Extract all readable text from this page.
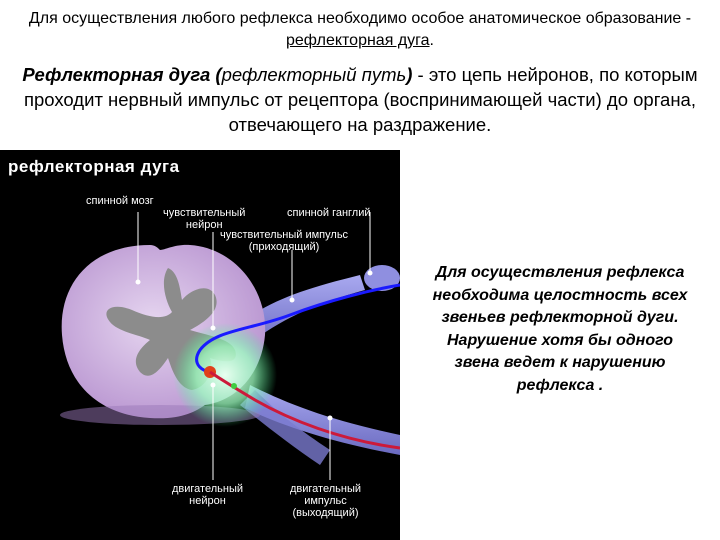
Для осуществления любого рефлекса необходимо особое анатомическое образование - рефлекторная дуга.
Рефлекторная дуга (рефлекторный путь) - это цепь нейронов, по которым проходит нервный импульс от рецептора (воспринимающей части) до органа, отвечающего на раздражение.
рефлекторная дуга
спинной мозг
чувствительный
нейрон
спинной ганглий
чувствительный импульс
(приходящий)
двигательный
нейрон
двигательный
импульс
(выходящий)
Для осуществления рефлекса необходима целостность всех звеньев рефлекторной дуги. Нарушение хотя бы одного звена ведет к нарушению рефлекса .
